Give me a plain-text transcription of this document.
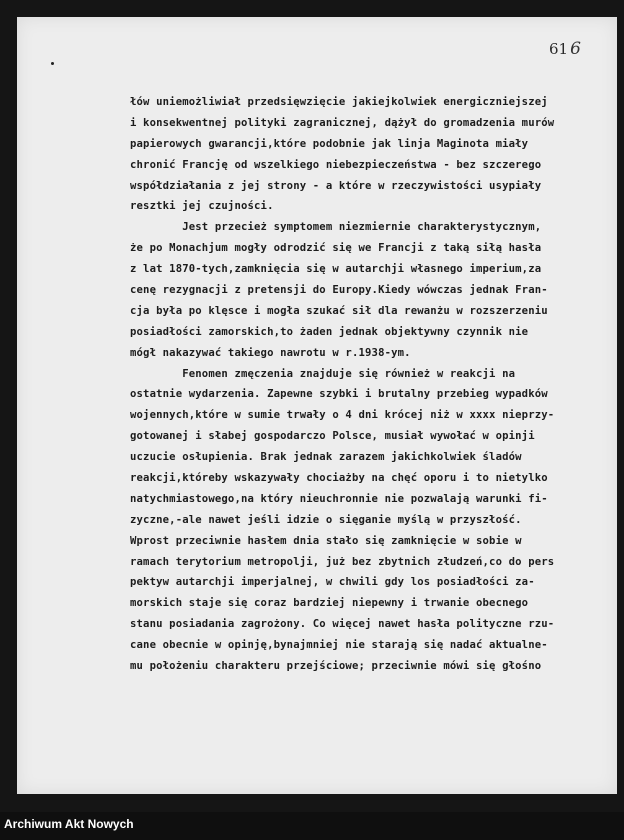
61 6
łów uniemożliwiał przedsięwzięcie jakiejkolwiek energiczniejszej
i konsekwentnej polityki zagranicznej, dążył do gromadzenia murów
papierowych gwarancji,które podobnie jak linja Maginota miały
chronić Francję od wszelkiego niebezpieczeństwa - bez szczerego
współdziałania z jej strony - a które w rzeczywistości usypiały
resztki jej czujności.
Jest przecież symptomem niezmiernie charakterystycznym,
że po Monachjum mogły odrodzić się we Francji z taką siłą hasła
z lat 1870-tych,zamknięcia się w autarchji własnego imperium,za
cenę rezygnacji z pretensji do Europy.Kiedy wówczas jednak Fran-
cja była po klęsce i mogła szukać sił dla rewanżu w rozszerzeniu
posiadłości zamorskich,to żaden jednak objektywny czynnik nie
mógł nakazywać takiego nawrotu w r.1938-ym.
Fenomen zmęczenia znajduje się również w reakcji na
ostatnie wydarzenia. Zapewne szybki i brutalny przebieg wypadków
wojennych,które w sumie trwały o 4 dni krócej niż w xxxx nieprzy-
gotowanej i słabej gospodarczo Polsce, musiał wywołać w opinji
uczucie osłupienia. Brak jednak zarazem jakichkolwiek śladów
reakcji,któreby wskazywały chociażby na chęć oporu i to nietylko
natychmiastowego,na który nieuchronnie nie pozwalają warunki fi-
zyczne,-ale nawet jeśli idzie o sięganie myślą w przyszłość.
Wprost przeciwnie hasłem dnia stało się zamknięcie w sobie w
ramach terytorium metropolji, już bez zbytnich złudzeń,co do pers
pektyw autarchji imperjalnej, w chwili gdy los posiadłości za-
morskich staje się coraz bardziej niepewny i trwanie obecnego
stanu posiadania zagrożony. Co więcej nawet hasła polityczne rzu-
cane obecnie w opinję,bynajmniej nie starają się nadać aktualne-
mu położeniu charakteru przejściowe; przeciwnie mówi się głośno
Archiwum Akt Nowych
